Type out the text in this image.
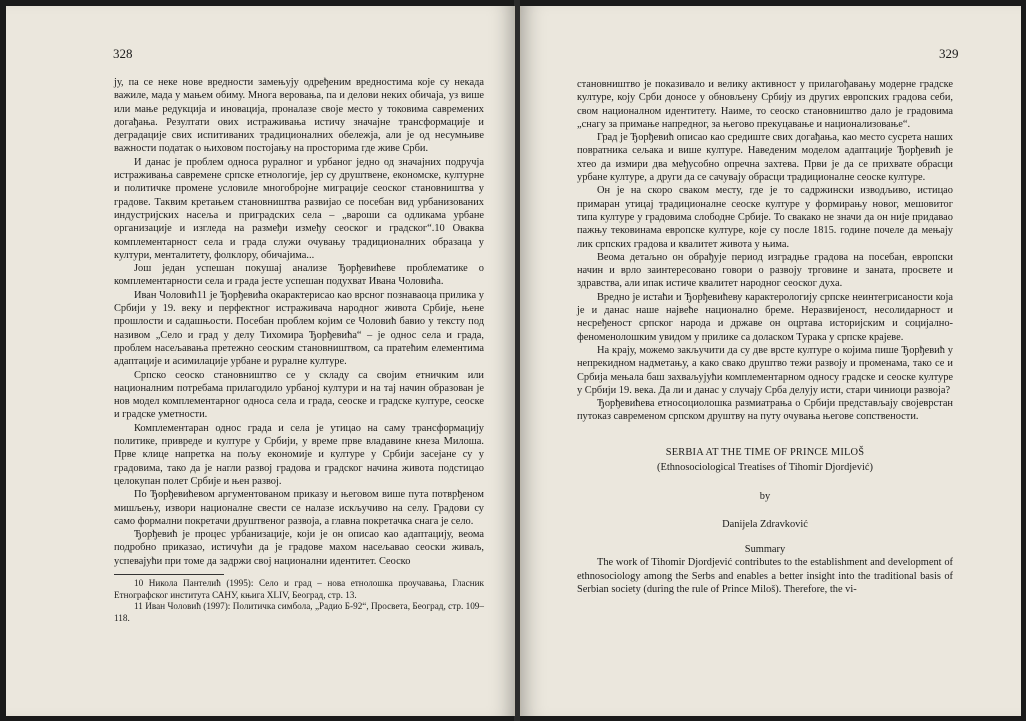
328

ју, па се неке нове вредности замењују одређеним вредностима које су некада важиле, мада у мањем обиму. Многа веровања, па и делови неких обичаја, уз више или мање редукција и иновација, проналазе своје место у токовима савремених догађања. Резултати ових истраживања истичу значајне трансформације и деградације свих испитиваних традиционалних обележја, али је од несумњиве важности податак о њиховом постојању на просторима где живе Срби.

И данас је проблем односа руралног и урбаног једно од значајних подручја истраживања савремене српске етнологије, јер су друштвене, економске, културне и политичке промене условиле многобројне миграције сеоског становништва у градове. Таквим кретањем становништва развијао се посебан вид урбанизованих индустријских насеља и приградских села – „вароши са одликама урбане организације и изгледа на размеђи између сеоског и градског“.10 Оваква комплементарност села и града служи очувању традиционалних образаца у култури, менталитету, фолклору, обичајима...

Још један успешан покушај анализе Ђорђевићеве проблематике о комплементарности села и града јесте успешан подухват Ивана Чоловића.

Иван Чоловић11 је Ђорђевића окарактерисао као врсног познаваоца прилика у Србији у 19. веку и перфектног истраживача народног живота Србије, њене прошлости и садашњости. Посебан проблем којим се Чоловић бавио у тексту под називом „Село и град у делу Тихомира Ђорђевића“ – је однос села и града, проблем насељавања претежно сеоским становништвом, са пратећим елементима адаптације и асимилације урбане и руралне културе.

Српско сеоско становништво се у складу са својим етничким или националним потребама прилагодило урбаној култури и на тај начин образован је нов модел комплементарног односа села и града, сеоске и градске културе, сеоске и градске уметности.

Комплементаран однос града и села је утицао на саму трансформацију политике, привреде и културе у Србији, у време прве владавине кнеза Милоша. Прве клице напретка на пољу економије и културе у Србији засејане су у градовима, тако да је нагли развој градова и градског начина живота подстицао целокупан полет Србије и њен развој.

По Ђорђевићевом аргументованом приказу и његовом више пута потврђеном мишљењу, извори националне свести се налазе искључиво на селу. Градови су само формални покретачи друштвеног развоја, а главна покретачка снага је село.

Ђорђевић је процес урбанизације, који је он описао као адаптацију, веома подробно приказао, истичући да је градове махом насељавао сеоски живаљ, успевајући при томе да задржи свој национални идентитет. Сеоско

10 Никола Пантелић (1995): Село и град – нова етнолошка проучавања, Гласник Етнографског института САНУ, књига XLIV, Београд, стр. 13.

11 Иван Чоловић (1997): Политичка симбола, „Радио Б-92“, Просвета, Београд, стр. 109–118.

329

становништво је показивало и велику активност у прилагођавању модерне градске културе, коју Срби доносе у обновљену Србију из других европских градова себи, свом националном идентитету. Наиме, то сеоско становништво дало је градовима „снагу за примање напредног, за његово прекуцавање и национализовање“.

Град је Ђорђевић описао као средиште свих догађања, као место сусрета наших повратника сељака и више културе. Наведеним моделом адаптације Ђорђевић је хтео да измири два међусобно опречна захтева. Први је да се прихвате обрасци урбане културе, а други да се сачувају обрасци традиционалне сеоске културе.

Он је на скоро сваком месту, где је то садржински изводљиво, истицао примаран утицај традиционалне сеоске културе у формирању новог, мешовитог типа културе у градовима слободне Србије. То свакако не значи да он није придавао пажњу тековинама европске културе, које су после 1815. године почеле да мењају лик српских градова и квалитет живота у њима.

Веома детаљно он обрађује период изградње градова на посебан, европски начин и врло заинтересовано говори о развоју трговине и заната, просвете и здравства, али ипак истиче квалитет народног сеоског духа.

Вредно је истаћи и Ђорђевићеву карактерологију српске неинтегрисаности која је и данас наше највеће национално бреме. Неразвијеност, несолидарност и несређеност српског народа и државе он оцртава историјским и социјално-феноменолошким увидом у прилике са доласком Турака у српске крајеве.

На крају, можемо закључити да су две врсте културе о којима пише Ђорђевић у непрекидном надметању, а како свако друштво тежи развоју и променама, тако се и Србија мењала баш захваљујући комплементарном односу градске и сеоске културе у Србији 19. века. Да ли и данас у случају Срба делују исти, стари чиниоци развоја?

Ђорђевићева етносоциолошка размиатрања о Србији представљају својеврстан путоказ савременом српском друштву на путу очувања његове сопствености.

SERBIA AT THE TIME OF PRINCE MILOŠ
(Ethnosociological Treatises of Tihomir Djordjević)
by
Danijela Zdravković
Summary

The work of Tihomir Djordjević contributes to the establishment and development of ethnosociology among the Serbs and enables a better insight into the traditional basis of Serbian society (during the rule of Prince Miloš). Therefore, the vi-
